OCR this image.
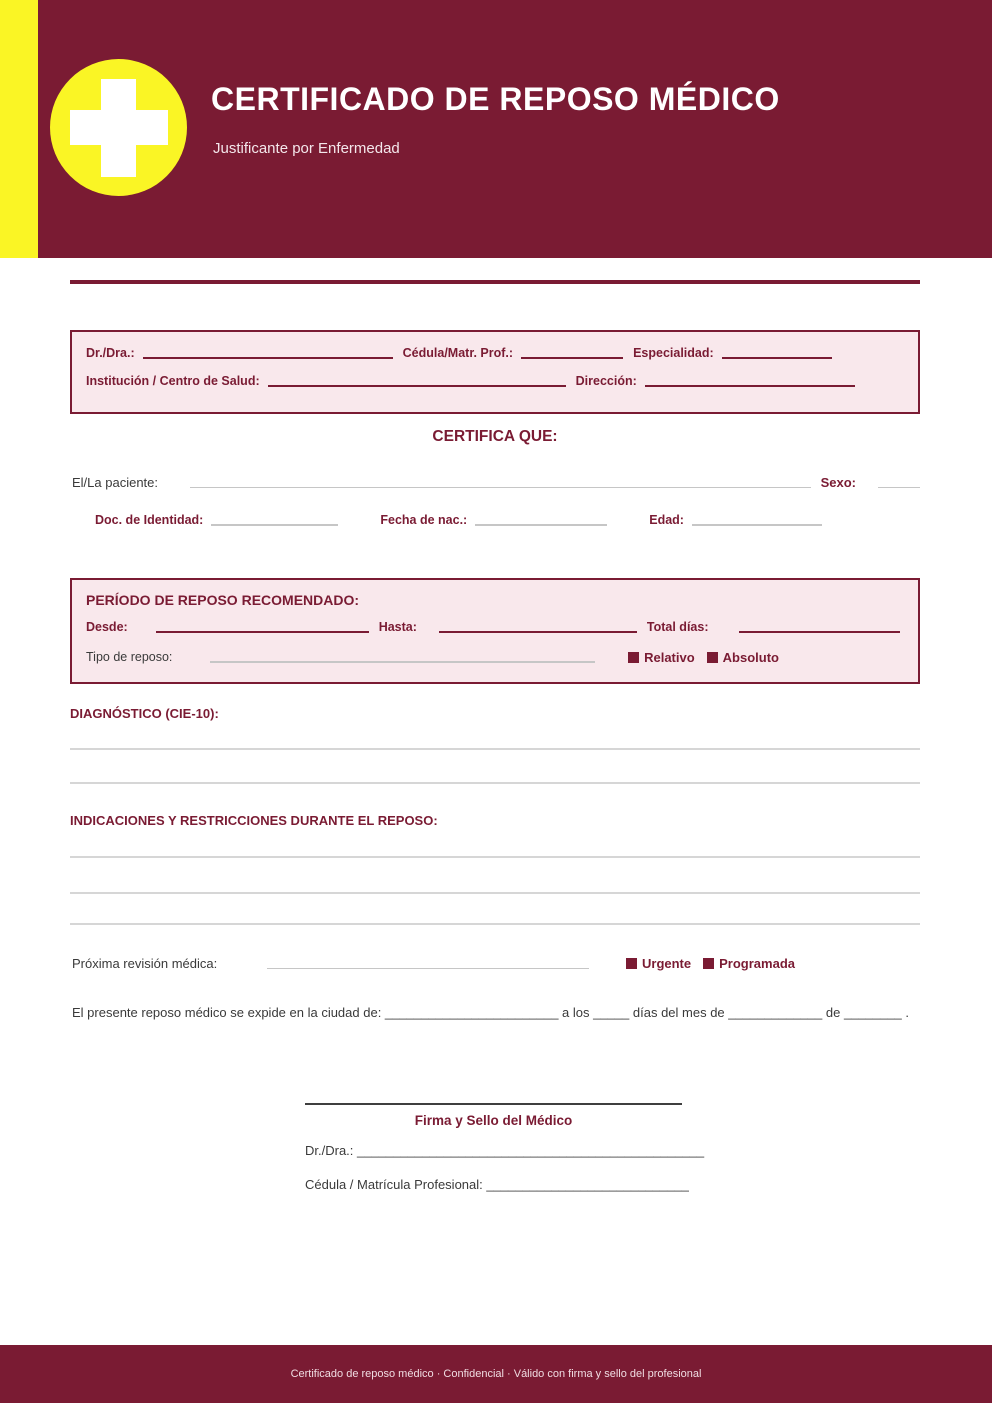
CERTIFICADO DE REPOSO MÉDICO
Justificante por Enfermedad
Dr./Dra.:	Cédula/Matr. Prof.:	Especialidad:
Institución / Centro de Salud:	Dirección:
CERTIFICA QUE:
El/La paciente:	Sexo:
Doc. de Identidad:	Fecha de nac.:	Edad:
PERÍODO DE REPOSO RECOMENDADO:
Desde:	Hasta:	Total días:
Tipo de reposo:	Relativo Absoluto
DIAGNÓSTICO (CIE-10):
INDICACIONES Y RESTRICCIONES DURANTE EL REPOSO:
Próxima revisión médica:	Urgente Programada
El presente reposo médico se expide en la ciudad de: ________________________ a los _____ días del mes de _____________ de ________ .
Firma y Sello del Médico
Dr./Dra.: ________________________________________________
Cédula / Matrícula Profesional: ____________________________
Certificado de reposo médico · Confidencial · Válido con firma y sello del profesional
